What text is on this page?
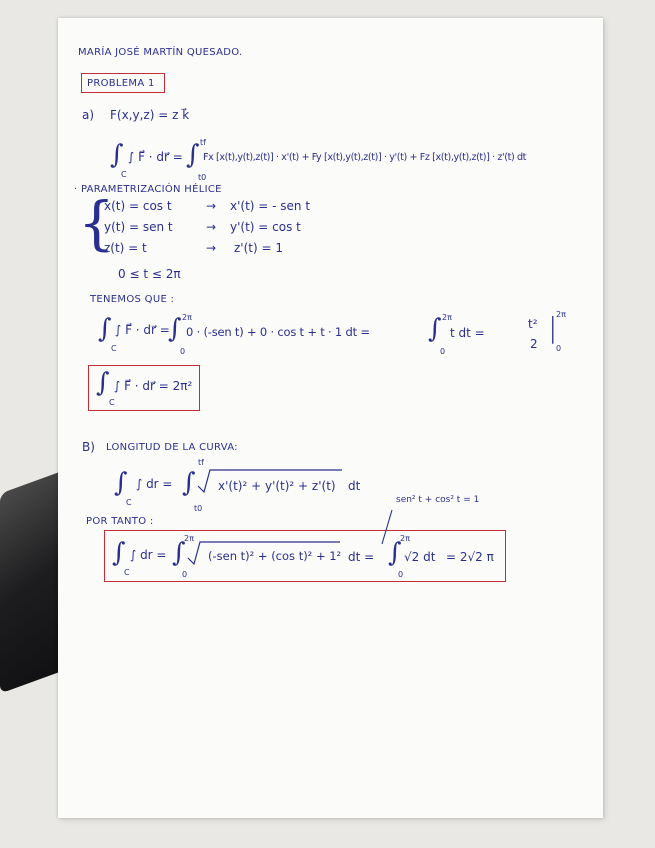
MARÍA JOSÉ MARTÍN QUESADO.
PROBLEMA 1
a) F(x,y,z) = z k⃗
∫
C
∫ F⃗ · dr⃗ = ∫ tf
t0
Fx [x(t),y(t),z(t)] · x'(t) + Fy [x(t),y(t),z(t)] · y'(t) + Fz [x(t),y(t),z(t)] · z'(t) dt
· PARAMETRIZACIÓN HÉLICE
{
x(t) = cos t	→ x'(t) = - sen t
y(t) = sen t	→ y'(t) = cos t
z(t) = t	→ z'(t) = 1
0 ≤ t ≤ 2π
TENEMOS QUE :
∫
C
∫ F⃗ · dr⃗ =
∫ 2π
0
0 · (-sen t) + 0 · cos t + t · 1 dt = ∫ 2π
0
t dt =
t²
2 |
2π
0
∫
C
∫ F⃗ · dr⃗ = 2π²
B) LONGITUD DE LA CURVA:
∫
C
∫ dr = ∫
tf
t0
x'(t)² + y'(t)² + z'(t) dt
sen² t + cos² t = 1
POR TANTO :
∫
C
∫ dr = ∫
2π
0
(-sen t)² + (cos t)² + 1² dt = ∫
2π
0
√2 dt = 2√2 π
